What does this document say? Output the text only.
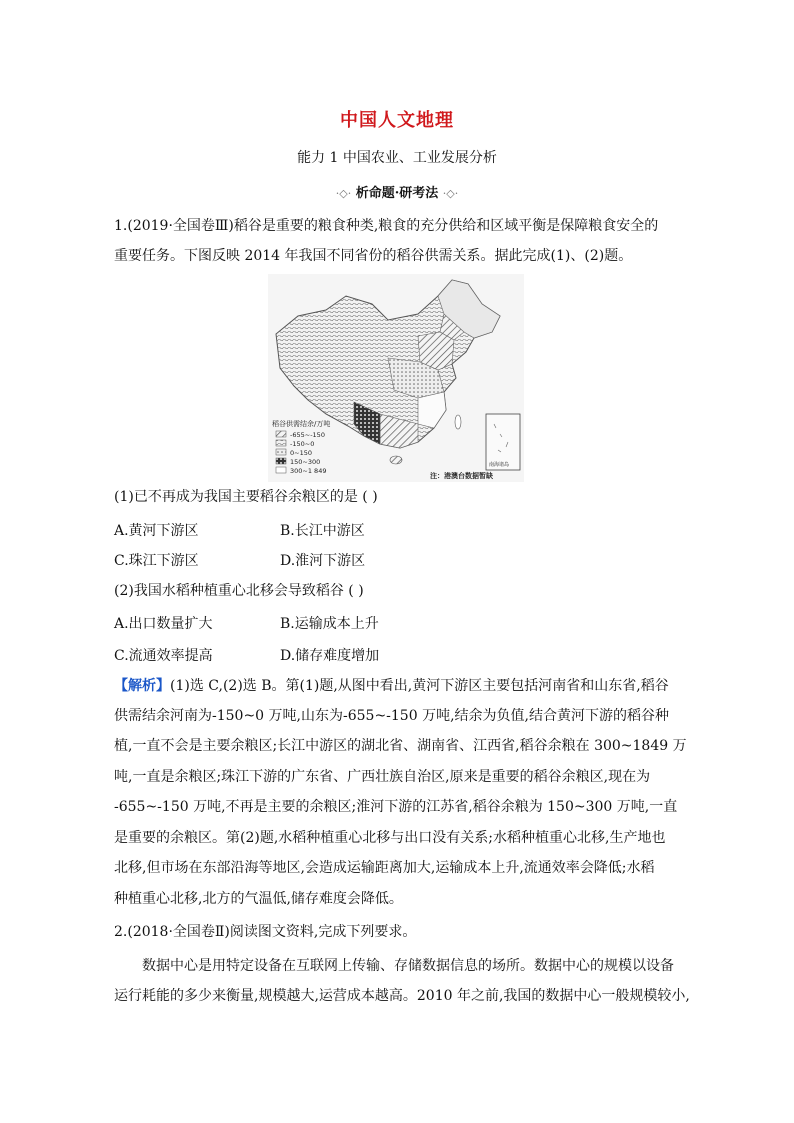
中国人文地理
能力 1 中国农业、工业发展分析
·◇· 析命题·研考法 ·◇·
1.(2019·全国卷Ⅲ)稻谷是重要的粮食种类,粮食的充分供给和区域平衡是保障粮食安全的
重要任务。下图反映 2014 年我国不同省份的稻谷供需关系。据此完成(1)、(2)题。
稻谷供需结余/万吨
-655~-150
-150~0
0~150
150~300
300~1 849
南海诸岛
注：港澳台数据暂缺
(1)已不再成为我国主要稻谷余粮区的是 ( )
A.黄河下游区	B.长江中游区
C.珠江下游区	D.淮河下游区
(2)我国水稻种植重心北移会导致稻谷 ( )
A.出口数量扩大	B.运输成本上升
C.流通效率提高	D.储存难度增加
【解析】(1)选 C,(2)选 B。第(1)题,从图中看出,黄河下游区主要包括河南省和山东省,稻谷
供需结余河南为-150~0 万吨,山东为-655~-150 万吨,结余为负值,结合黄河下游的稻谷种
植,一直不会是主要余粮区;长江中游区的湖北省、湖南省、江西省,稻谷余粮在 300~1849 万
吨,一直是余粮区;珠江下游的广东省、广西壮族自治区,原来是重要的稻谷余粮区,现在为
-655~-150 万吨,不再是主要的余粮区;淮河下游的江苏省,稻谷余粮为 150~300 万吨,一直
是重要的余粮区。第(2)题,水稻种植重心北移与出口没有关系;水稻种植重心北移,生产地也
北移,但市场在东部沿海等地区,会造成运输距离加大,运输成本上升,流通效率会降低;水稻
种植重心北移,北方的气温低,储存难度会降低。
2.(2018·全国卷Ⅱ)阅读图文资料,完成下列要求。
数据中心是用特定设备在互联网上传输、存储数据信息的场所。数据中心的规模以设备
运行耗能的多少来衡量,规模越大,运营成本越高。2010 年之前,我国的数据中心一般规模较小,
